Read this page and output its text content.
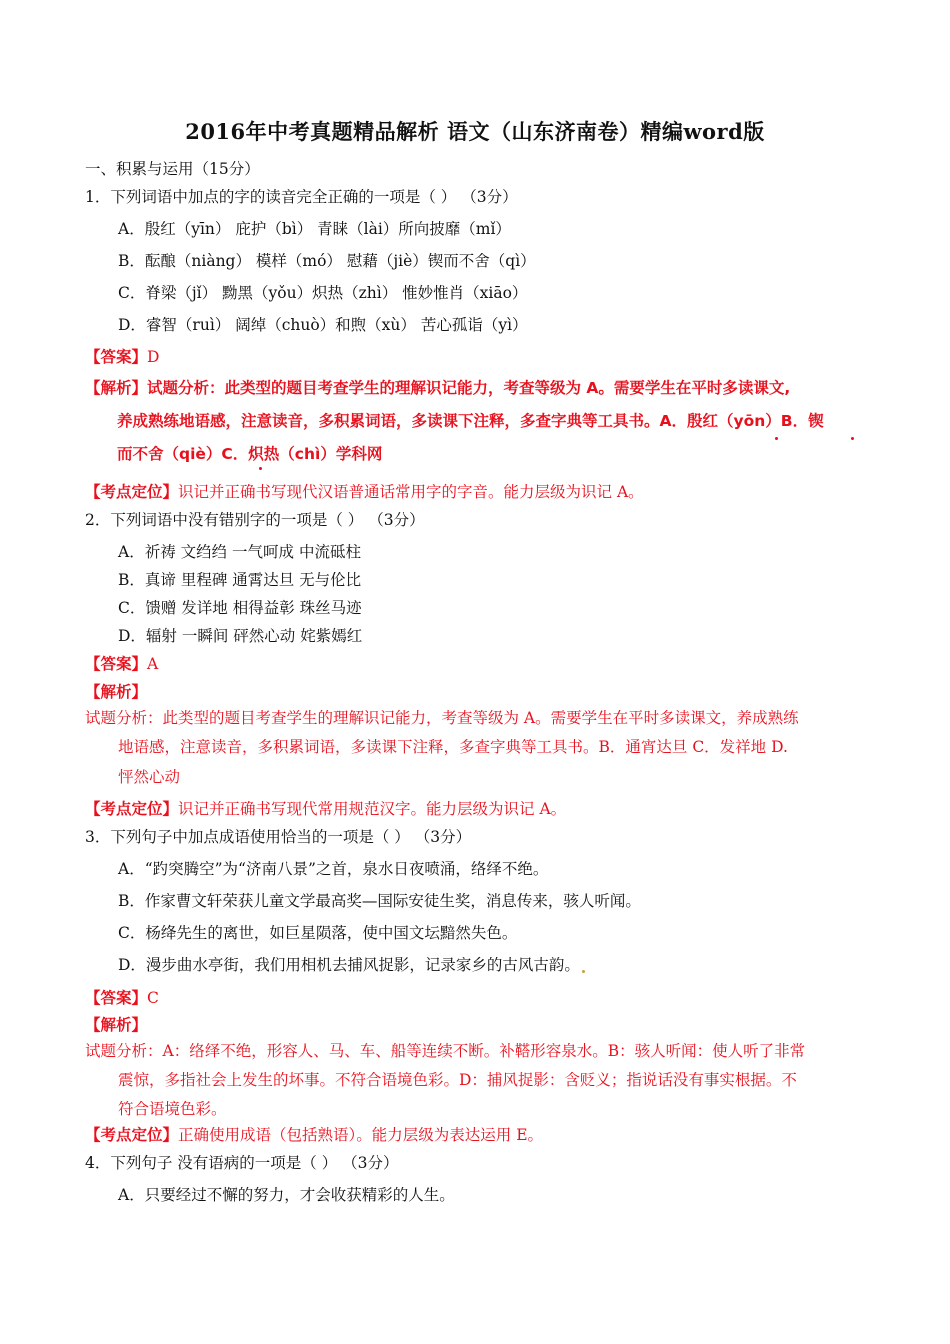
2016年中考真题精品解析 语文（山东济南卷）精编word版
一、积累与运用（15分）
1．下列词语中加点的字的读音完全正确的一项是（ ） （3分）
A．殷红（yīn） 庇护（bì） 青睐（lài）所向披靡（mǐ）
B．酝酿（niàng） 模样（mó） 慰藉（jiè）锲而不舍（qì）
C．脊梁（jǐ） 黝黑（yǒu）炽热（zhì） 惟妙惟肖（xiāo）
D．睿智（ruì） 阔绰（chuò）和煦（xù） 苦心孤诣（yì）
【答案】D
【解析】试题分析：此类型的题目考查学生的理解识记能力，考查等级为 A。需要学生在平时多读课文,
养成熟练地语感，注意读音，多积累词语，多读课下注释，多查字典等工具书。A．殷红（yōn）B．锲
而不舍（qiè）C．炽热（chì）学科网
【考点定位】识记并正确书写现代汉语普通话常用字的字音。能力层级为识记 A。
2．下列词语中没有错别字的一项是（ ） （3分）
A．祈祷 文绉绉 一气呵成 中流砥柱
B．真谛 里程碑 通霄达旦 无与伦比
C．馈赠 发详地 相得益彰 珠丝马迹
D．辐射 一瞬间 砰然心动 姹紫嫣红
【答案】A
【解析】
试题分析：此类型的题目考查学生的理解识记能力，考查等级为 A。需要学生在平时多读课文，养成熟练
地语感，注意读音，多积累词语，多读课下注释，多查字典等工具书。B．通宵达旦 C．发祥地 D.
怦然心动
【考点定位】识记并正确书写现代常用规范汉字。能力层级为识记 A。
3．下列句子中加点成语使用恰当的一项是（ ） （3分）
A．“趵突腾空”为“济南八景”之首，泉水日夜喷涌，络绎不绝。
B．作家曹文轩荣获儿童文学最高奖—国际安徒生奖，消息传来，骇人听闻。
C．杨绛先生的离世，如巨星陨落，使中国文坛黯然失色。
D．漫步曲水亭街，我们用相机去捕风捉影，记录家乡的古风古韵。
【答案】C
【解析】
试题分析：A：络绎不绝，形容人、马、车、船等连续不断。补鞳形容泉水。B：骇人听闻：使人听了非常
震惊，多指社会上发生的坏事。不符合语境色彩。D：捕风捉影：含贬义；指说话没有事实根据。不
符合语境色彩。
【考点定位】正确使用成语（包括熟语）。能力层级为表达运用 E。
4．下列句子 没有语病的一项是（ ） （3分）
A．只要经过不懈的努力，才会收获精彩的人生。
